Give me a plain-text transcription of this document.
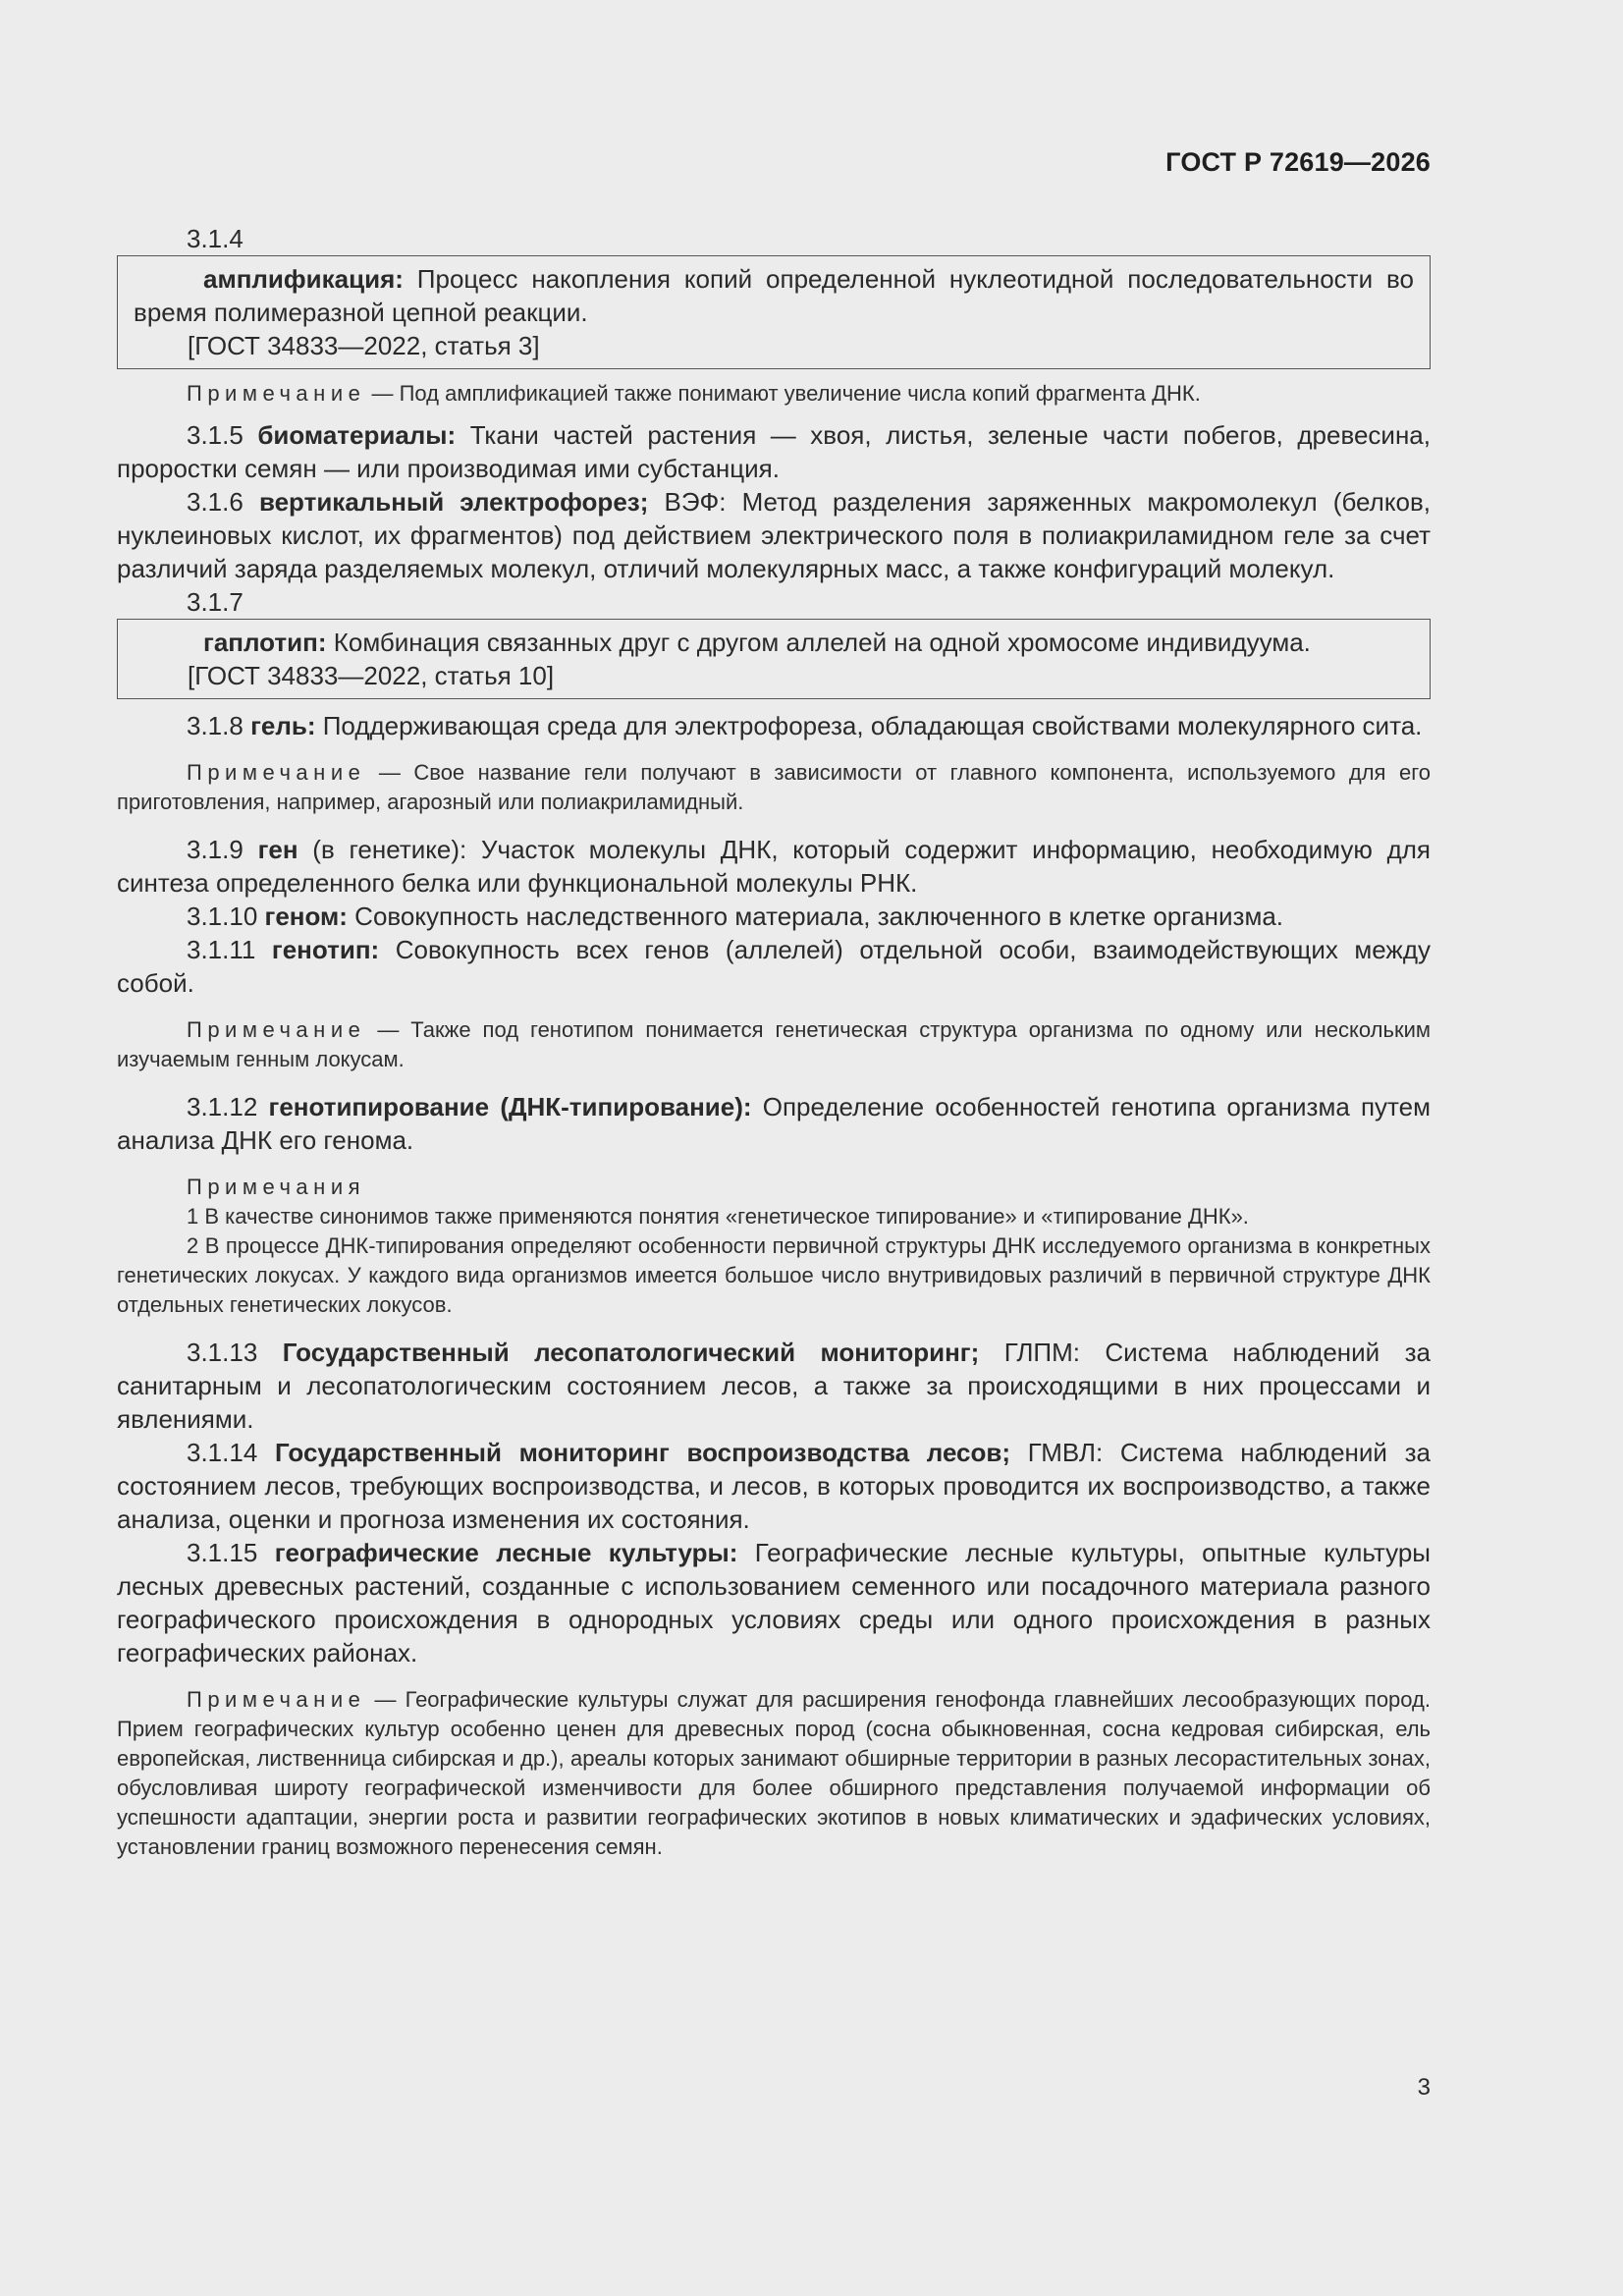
ГОСТ Р 72619—2026

3.1.4

амплификация: Процесс накопления копий определенной нуклеотидной последовательности во время полимеразной цепной реакции.

[ГОСТ 34833—2022, статья 3]

Примечание — Под амплификацией также понимают увеличение числа копий фрагмента ДНК.

3.1.5 биоматериалы: Ткани частей растения — хвоя, листья, зеленые части побегов, древесина, проростки семян — или производимая ими субстанция.

3.1.6 вертикальный электрофорез; ВЭФ: Метод разделения заряженных макромолекул (белков, нуклеиновых кислот, их фрагментов) под действием электрического поля в полиакриламидном геле за счет различий заряда разделяемых молекул, отличий молекулярных масс, а также конфигураций молекул.

3.1.7

гаплотип: Комбинация связанных друг с другом аллелей на одной хромосоме индивидуума.

[ГОСТ 34833—2022, статья 10]

3.1.8 гель: Поддерживающая среда для электрофореза, обладающая свойствами молекулярного сита.

Примечание — Свое название гели получают в зависимости от главного компонента, используемого для его приготовления, например, агарозный или полиакриламидный.

3.1.9 ген (в генетике): Участок молекулы ДНК, который содержит информацию, необходимую для синтеза определенного белка или функциональной молекулы РНК.

3.1.10 геном: Совокупность наследственного материала, заключенного в клетке организма.

3.1.11 генотип: Совокупность всех генов (аллелей) отдельной особи, взаимодействующих между собой.

Примечание — Также под генотипом понимается генетическая структура организма по одному или нескольким изучаемым генным локусам.

3.1.12 генотипирование (ДНК-типирование): Определение особенностей генотипа организма путем анализа ДНК его генома.

Примечания

1 В качестве синонимов также применяются понятия «генетическое типирование» и «типирование ДНК».

2 В процессе ДНК-типирования определяют особенности первичной структуры ДНК исследуемого организма в конкретных генетических локусах. У каждого вида организмов имеется большое число внутривидовых различий в первичной структуре ДНК отдельных генетических локусов.

3.1.13 Государственный лесопатологический мониторинг; ГЛПМ: Система наблюдений за санитарным и лесопатологическим состоянием лесов, а также за происходящими в них процессами и явлениями.

3.1.14 Государственный мониторинг воспроизводства лесов; ГМВЛ: Система наблюдений за состоянием лесов, требующих воспроизводства, и лесов, в которых проводится их воспроизводство, а также анализа, оценки и прогноза изменения их состояния.

3.1.15 географические лесные культуры: Географические лесные культуры, опытные культуры лесных древесных растений, созданные с использованием семенного или посадочного материала разного географического происхождения в однородных условиях среды или одного происхождения в разных географических районах.

Примечание — Географические культуры служат для расширения генофонда главнейших лесообразующих пород. Прием географических культур особенно ценен для древесных пород (сосна обыкновенная, сосна кедровая сибирская, ель европейская, лиственница сибирская и др.), ареалы которых занимают обширные территории в разных лесорастительных зонах, обусловливая широту географической изменчивости для более обширного представления получаемой информации об успешности адаптации, энергии роста и развитии географических экотипов в новых климатических и эдафических условиях, установлении границ возможного перенесения семян.

3
